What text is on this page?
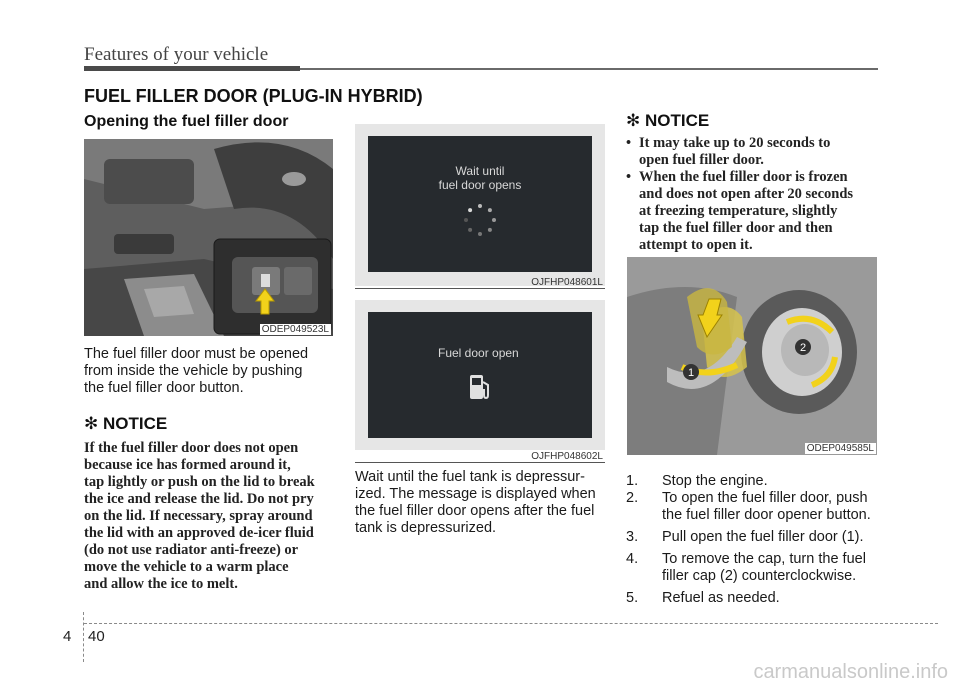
Features of your vehicle
FUEL FILLER DOOR (PLUG-IN HYBRID)
Opening the fuel filler door
ODEP049523L
The fuel filler door must be opened
from inside the vehicle by pushing
the fuel filler door button.
✻ NOTICE
If the fuel filler door does not open
because ice has formed around it,
tap lightly or push on the lid to break
the ice and release the lid. Do not pry
on the lid. If necessary, spray around
the lid with an approved de-icer fluid
(do not use radiator anti-freeze) or
move the vehicle to a warm place
and allow the ice to melt.
Wait until
fuel door opens
OJFHP048601L
Fuel door open
OJFHP048602L
Wait until the fuel tank is depressur-
ized. The message is displayed when
the fuel filler door opens after the fuel
tank is depressurized.
✻ NOTICE
• It may take up to 20 seconds to
open fuel filler door.
• When the fuel filler door is frozen
and does not open after 20 seconds
at freezing temperature, slightly
tap the fuel filler door and then
attempt to open it.
1
2
ODEP049585L
1.	Stop the engine.
2.	To open the fuel filler door, push
the fuel filler door opener button.
3.	Pull open the fuel filler door (1).
4.	To remove the cap, turn the fuel
filler cap (2) counterclockwise.
5.	Refuel as needed.
4 40
carmanualsonline.info
